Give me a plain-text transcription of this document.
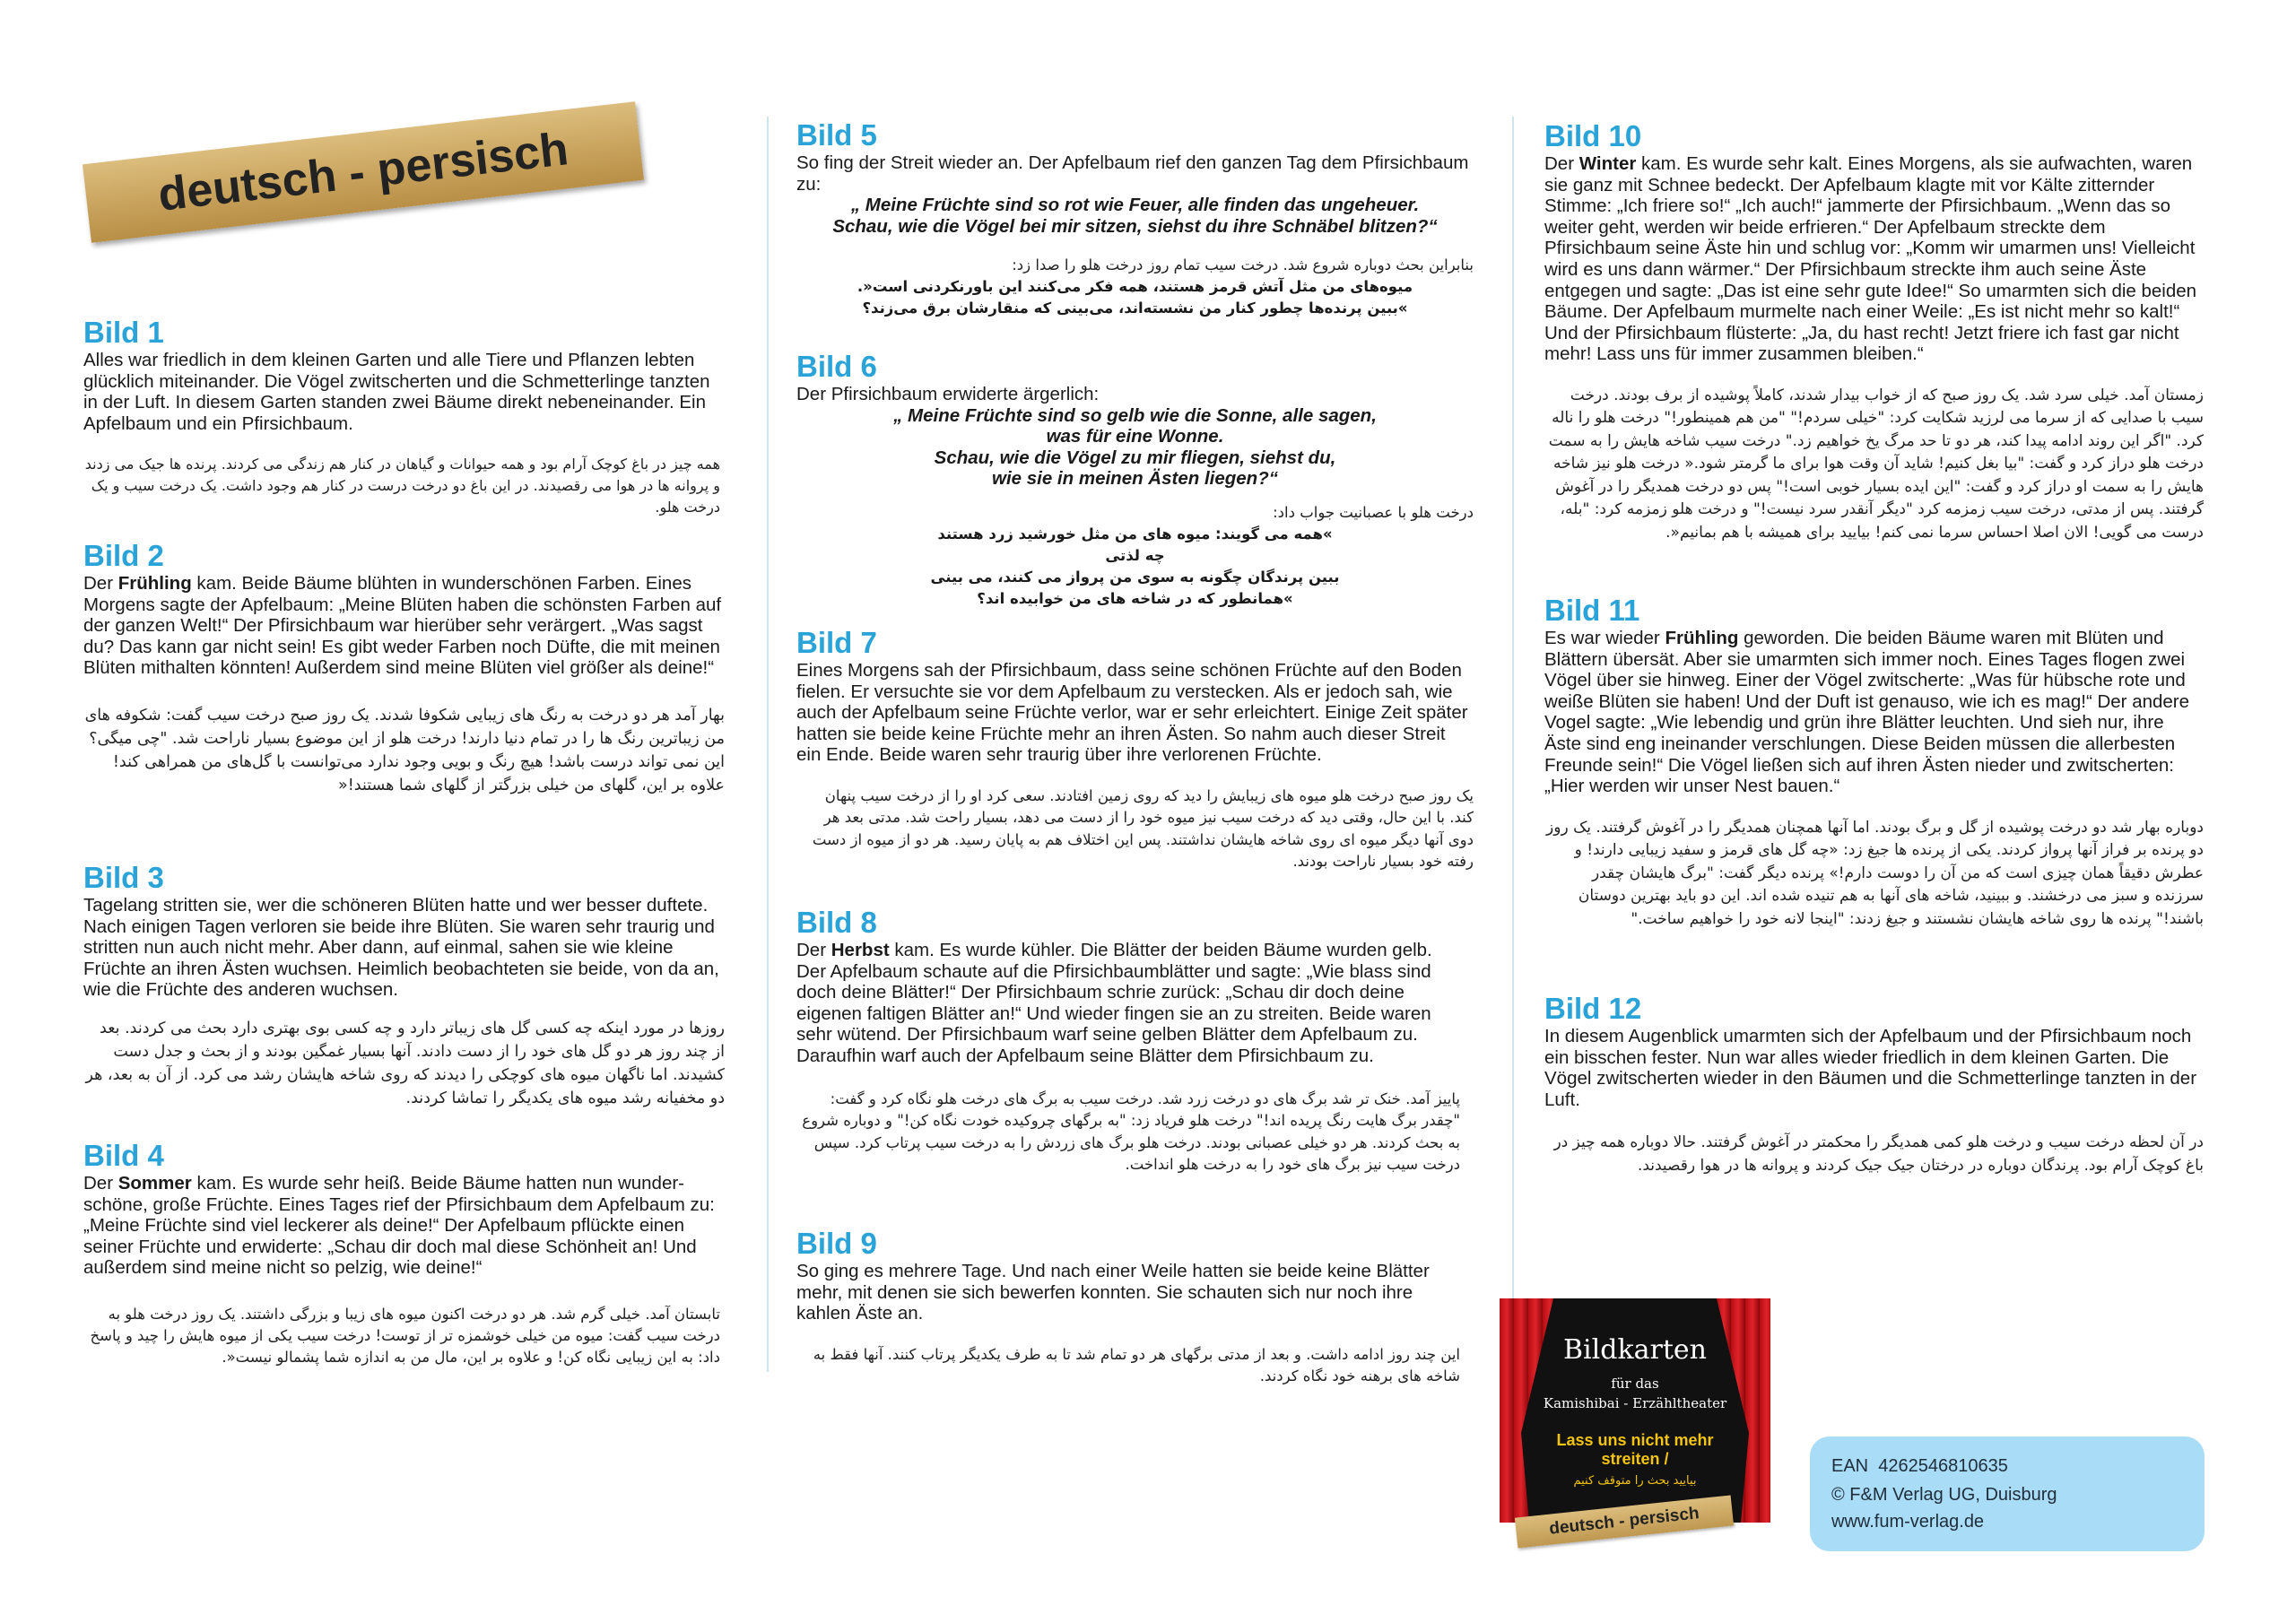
deutsch - persisch
Bild 1

Alles war friedlich in dem kleinen Garten und alle Tiere und Pflanzen lebten glücklich miteinander. Die Vögel zwitscherten und die Schmetterlinge tanzten in der Luft. In diesem Garten standen zwei Bäume direkt nebeneinander. Ein Apfelbaum und ein Pfirsichbaum.

همه چیز در باغ کوچک آرام بود و همه حیوانات و گیاهان در کنار هم زندگی می کردند. پرنده ها جیک می زدند و پروانه ها در هوا می رقصیدند. در این باغ دو درخت درست در کنار هم وجود داشت. یک درخت سیب و یک درخت هلو.

Bild 2

Der Frühling kam. Beide Bäume blühten in wunderschönen Farben. Eines Morgens sagte der Apfelbaum: „Meine Blüten haben die schönsten Farben auf der ganzen Welt!“ Der Pfirsichbaum war hierüber sehr verärgert. „Was sagst du? Das kann gar nicht sein! Es gibt weder Farben noch Düfte, die mit meinen Blüten mithalten könnten! Außerdem sind meine Blüten viel größer als deine!“

بهار آمد هر دو درخت به رنگ های زیبایی شکوفا شدند. یک روز صبح درخت سیب گفت: شکوفه های من زیباترین رنگ ها را در تمام دنیا دارند! درخت هلو از این موضوع بسیار ناراحت شد. "چی میگی؟ این نمی تواند درست باشد! هیچ رنگ و بویی وجود ندارد می‌توانست با گل‌های من همراهی کند! علاوه بر این، گلهای من خیلی بزرگتر از گلهای شما هستند!«

Bild 3

Tagelang stritten sie, wer die schöneren Blüten hatte und wer besser duftete. Nach einigen Tagen verloren sie beide ihre Blüten. Sie waren sehr traurig und stritten nun auch nicht mehr. Aber dann, auf einmal, sahen sie wie kleine Früchte an ihren Ästen wuchsen. Heimlich beobachteten sie beide, von da an, wie die Früchte des anderen wuchsen.

روزها در مورد اینکه چه کسی گل های زیباتر دارد و چه کسی بوی بهتری دارد بحث می کردند. بعد از چند روز هر دو گل های خود را از دست دادند. آنها بسیار غمگین بودند و از بحث و جدل دست کشیدند. اما ناگهان میوه های کوچکی را دیدند که روی شاخه هایشان رشد می کرد. از آن به بعد، هر دو مخفیانه رشد میوه های یکدیگر را تماشا کردند.

Bild 4

Der Sommer kam. Es wurde sehr heiß. Beide Bäume hatten nun wunder-schöne, große Früchte. Eines Tages rief der Pfirsichbaum dem Apfelbaum zu: „Meine Früchte sind viel leckerer als deine!“ Der Apfelbaum pflückte einen seiner Früchte und erwiderte: „Schau dir doch mal diese Schönheit an! Und außerdem sind meine nicht so pelzig, wie deine!“

تابستان آمد. خیلی گرم شد. هر دو درخت اکنون میوه های زیبا و بزرگی داشتند. یک روز درخت هلو به درخت سیب گفت: میوه من خیلی خوشمزه تر از توست! درخت سیب یکی از میوه هایش را چید و پاسخ داد: به این زیبایی نگاه کن! و علاوه بر این، مال من به اندازه شما پشمالو نیست«.

Bild 5

So fing der Streit wieder an. Der Apfelbaum rief den ganzen Tag dem Pfirsichbaum zu:

„ Meine Früchte sind so rot wie Feuer, alle finden das ungeheuer.

Schau, wie die Vögel bei mir sitzen, siehst du ihre Schnäbel blitzen?“

بنابراین بحث دوباره شروع شد. درخت سیب تمام روز درخت هلو را صدا زد:

میوه‌های من مثل آتش قرمز هستند، همه فکر می‌کنند این باورنکردنی است«.

»ببین پرنده‌ها چطور کنار من نشسته‌اند، می‌بینی که منقارشان برق می‌زند؟

Bild 6

Der Pfirsichbaum erwiderte ärgerlich:

„ Meine Früchte sind so gelb wie die Sonne, alle sagen,

was für eine Wonne.

Schau, wie die Vögel zu mir fliegen, siehst du,

wie sie in meinen Ästen liegen?“

درخت هلو با عصبانیت جواب داد:

»همه می گویند: میوه های من مثل خورشید زرد هستند

چه لذتی

ببین پرندگان چگونه به سوی من پرواز می کنند، می بینی

»همانطور که در شاخه های من خوابیده اند؟

Bild 7

Eines Morgens sah der Pfirsichbaum, dass seine schönen Früchte auf den Boden fielen. Er versuchte sie vor dem Apfelbaum zu verstecken. Als er jedoch sah, wie auch der Apfelbaum seine Früchte verlor, war er sehr erleichtert. Einige Zeit später hatten sie beide keine Früchte mehr an ihren Ästen. So nahm auch dieser Streit ein Ende. Beide waren sehr traurig über ihre verlorenen Früchte.

یک روز صبح درخت هلو میوه های زیبایش را دید که روی زمین افتادند. سعی کرد او را از درخت سیب پنهان کند. با این حال، وقتی دید که درخت سیب نیز میوه خود را از دست می دهد، بسیار راحت شد. مدتی بعد هر دوی آنها دیگر میوه ای روی شاخه هایشان نداشتند. پس این اختلاف هم به پایان رسید. هر دو از میوه از دست رفته خود بسیار ناراحت بودند.

Bild 8

Der Herbst kam. Es wurde kühler. Die Blätter der beiden Bäume wurden gelb. Der Apfelbaum schaute auf die Pfirsichbaumblätter und sagte: „Wie blass sind doch deine Blätter!“ Der Pfirsichbaum schrie zurück: „Schau dir doch deine eigenen faltigen Blätter an!“ Und wieder fingen sie an zu streiten. Beide waren sehr wütend. Der Pfirsichbaum warf seine gelben Blätter dem Apfelbaum zu. Daraufhin warf auch der Apfelbaum seine Blätter dem Pfirsichbaum zu.

پاییز آمد. خنک تر شد برگ های دو درخت زرد شد. درخت سیب به برگ های درخت هلو نگاه کرد و گفت: "چقدر برگ هایت رنگ پریده اند!" درخت هلو فریاد زد: "به برگهای چروکیده خودت نگاه کن!" و دوباره شروع به بحث کردند. هر دو خیلی عصبانی بودند. درخت هلو برگ های زردش را به درخت سیب پرتاب کرد. سپس درخت سیب نیز برگ های خود را به درخت هلو انداخت.

Bild 9

So ging es mehrere Tage. Und nach einer Weile hatten sie beide keine Blätter mehr, mit denen sie sich bewerfen konnten. Sie schauten sich nur noch ihre kahlen Äste an.

این چند روز ادامه داشت. و بعد از مدتی برگهای هر دو تمام شد تا به طرف یکدیگر پرتاب کنند. آنها فقط به شاخه های برهنه خود نگاه کردند.

Bild 10

Der Winter kam. Es wurde sehr kalt. Eines Morgens, als sie aufwachten, waren sie ganz mit Schnee bedeckt. Der Apfelbaum klagte mit vor Kälte zitternder Stimme: „Ich friere so!“ „Ich auch!“ jammerte der Pfirsichbaum. „Wenn das so weiter geht, werden wir beide erfrieren.“ Der Apfelbaum streckte dem Pfirsichbaum seine Äste hin und schlug vor: „Komm wir umarmen uns! Vielleicht wird es uns dann wärmer.“ Der Pfirsichbaum streckte ihm auch seine Äste entgegen und sagte: „Das ist eine sehr gute Idee!“ So umarmten sich die beiden Bäume. Der Apfelbaum murmelte nach einer Weile: „Es ist nicht mehr so kalt!“ Und der Pfirsichbaum flüsterte: „Ja, du hast recht! Jetzt friere ich fast gar nicht mehr! Lass uns für immer zusammen bleiben.“

زمستان آمد. خیلی سرد شد. یک روز صبح که از خواب بیدار شدند، کاملاً پوشیده از برف بودند. درخت سیب با صدایی که از سرما می لرزید شکایت کرد: "خیلی سردم!" "من هم همینطور!" درخت هلو را ناله کرد. "اگر این روند ادامه پیدا کند، هر دو تا حد مرگ یخ خواهیم زد." درخت سیب شاخه هایش را به سمت درخت هلو دراز کرد و گفت: "بیا بغل کنیم! شاید آن وقت هوا برای ما گرمتر شود.« درخت هلو نیز شاخه هایش را به سمت او دراز کرد و گفت: "این ایده بسیار خوبی است!" پس دو درخت همدیگر را در آغوش گرفتند. پس از مدتی، درخت سیب زمزمه کرد "دیگر آنقدر سرد نیست!" و درخت هلو زمزمه کرد: "بله، درست می گویی! الان اصلا احساس سرما نمی کنم! بیایید برای همیشه با هم بمانیم«.

Bild 11

Es war wieder Frühling geworden. Die beiden Bäume waren mit Blüten und Blättern übersät. Aber sie umarmten sich immer noch. Eines Tages flogen zwei Vögel über sie hinweg. Einer der Vögel zwitscherte: „Was für hübsche rote und weiße Blüten sie haben! Und der Duft ist genauso, wie ich es mag!“ Der andere Vogel sagte: „Wie lebendig und grün ihre Blätter leuchten. Und sieh nur, ihre Äste sind eng ineinander verschlungen. Diese Beiden müssen die allerbesten Freunde sein!“ Die Vögel ließen sich auf ihren Ästen nieder und zwitscherten: „Hier werden wir unser Nest bauen.“

دوباره بهار شد دو درخت پوشیده از گل و برگ بودند. اما آنها همچنان همدیگر را در آغوش گرفتند. یک روز دو پرنده بر فراز آنها پرواز کردند. یکی از پرنده ها جیغ زد: «چه گل های قرمز و سفید زیبایی دارند! و عطرش دقیقاً همان چیزی است که من آن را دوست دارم!» پرنده دیگر گفت: "برگ هایشان چقدر سرزنده و سبز می درخشند. و ببینید، شاخه های آنها به هم تنیده شده اند. این دو باید بهترین دوستان باشند!" پرنده ها روی شاخه هایشان نشستند و جیغ زدند: "اینجا لانه خود را خواهیم ساخت."

Bild 12

In diesem Augenblick umarmten sich der Apfelbaum und der Pfirsichbaum noch ein bisschen fester. Nun war alles wieder friedlich in dem kleinen Garten. Die Vögel zwitscherten wieder in den Bäumen und die Schmetterlinge tanzten in der Luft.

در آن لحظه درخت سیب و درخت هلو کمی همدیگر را محکمتر در آغوش گرفتند. حالا دوباره همه چیز در باغ کوچک آرام بود. پرندگان دوباره در درختان جیک جیک کردند و پروانه ها در هوا رقصیدند.

Bildkarten
für das
Kamishibai - Erzähltheater
Lass uns nicht mehr streiten /
بیایید بحث را متوقف کنیم
deutsch - persisch
EAN 4262546810635
© F&M Verlag UG, Duisburg
www.fum-verlag.de
